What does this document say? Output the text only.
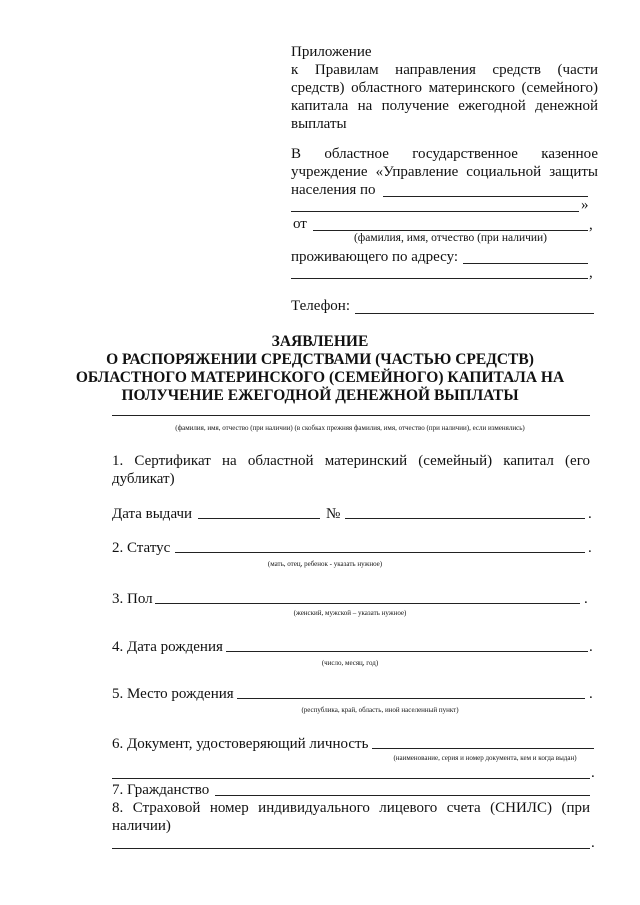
Приложение
к Правилам направления средств (части
средств) областного материнского (семейного)
капитала на получение ежегодной денежной
выплаты
В областное государственное казенное
учреждение «Управление социальной защиты
населения по
»
от	,
(фамилия, имя, отчество (при наличии)
проживающего по адресу:
,
Телефон:
ЗАЯВЛЕНИЕ
О РАСПОРЯЖЕНИИ СРЕДСТВАМИ (ЧАСТЬЮ СРЕДСТВ)
ОБЛАСТНОГО МАТЕРИНСКОГО (СЕМЕЙНОГО) КАПИТАЛА НА
ПОЛУЧЕНИЕ ЕЖЕГОДНОЙ ДЕНЕЖНОЙ ВЫПЛАТЫ
(фамилия, имя, отчество (при наличии) (в скобках прежняя фамилия, имя, отчество (при наличии), если изменялись)
1. Сертификат на областной материнский (семейный) капитал (его
дубликат)
Дата выдачи	№	.
2. Статус	.
(мать, отец, ребенок - указать нужное)
3. Пол	.
(женский, мужской – указать нужное)
4. Дата рождения	.
(число, месяц, год)
5. Место рождения	.
(республика, край, область, иной населенный пункт)
6. Документ, удостоверяющий личность
(наименование, серия и номер документа, кем и когда выдан)
.
7. Гражданство
8. Страховой номер индивидуального лицевого счета (СНИЛС) (при
наличии)
.
